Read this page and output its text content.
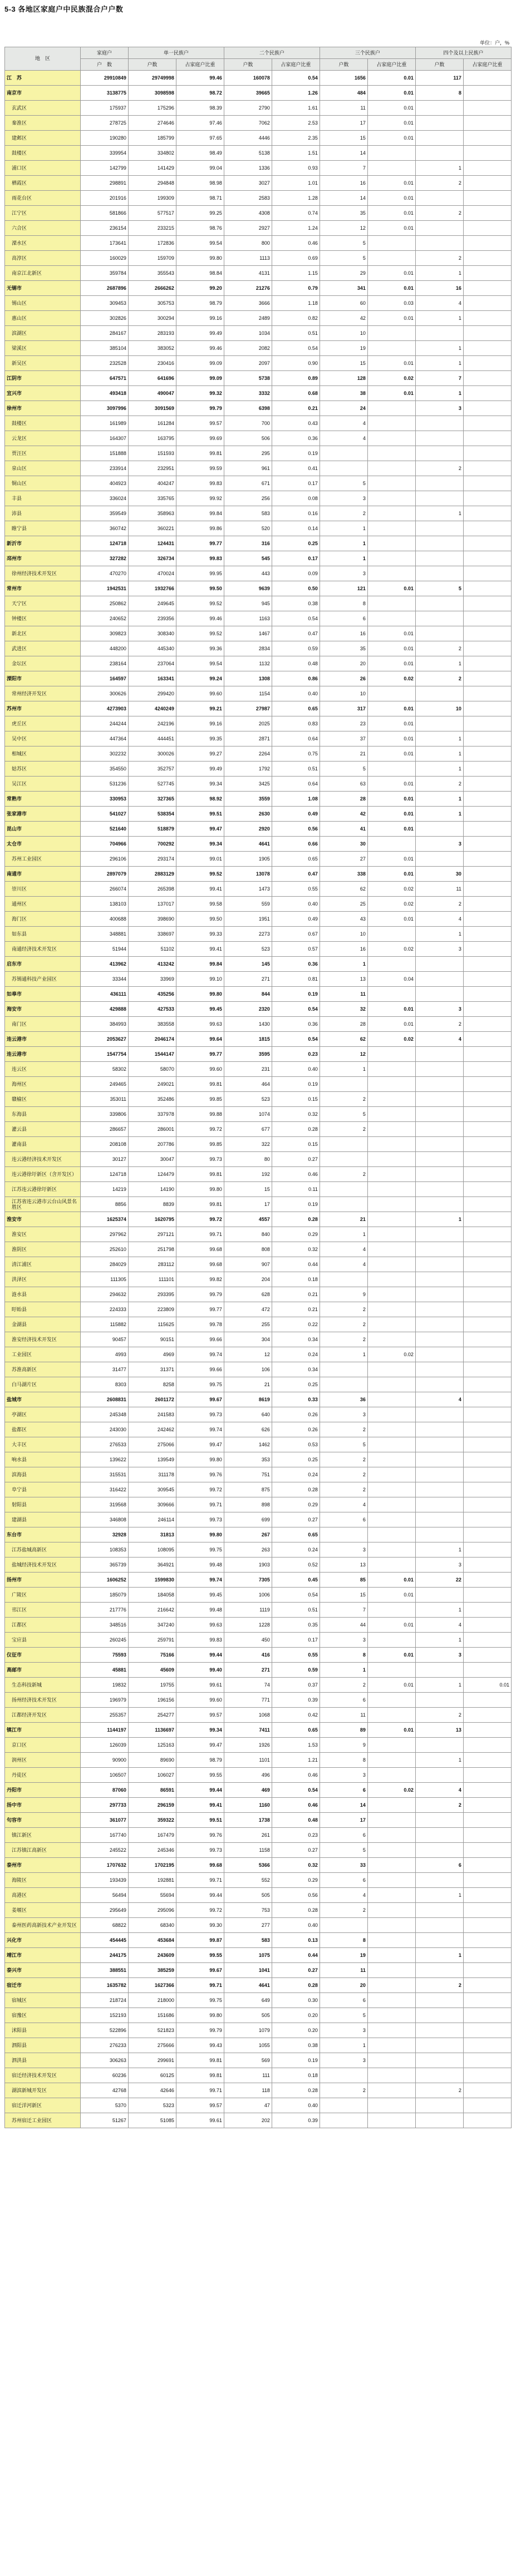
5-3 各地区家庭户中民族混合户户数
单位：户，%
地　区	家庭户	单一民族户		二个民族户		三个民族户		四个及以上民族户	
	户　数	户数	占家庭户比重	户数	占家庭户比重	户数	占家庭户比重	户数	占家庭户比重
江　苏	29910849	29749998	99.46	160078	0.54	1656	0.01	117	
南京市	3138775	3098598	98.72	39665	1.26	484	0.01	8	
玄武区	175937	175296	98.39	2790	1.61	11	0.01		
秦淮区	278725	274646	97.46	7062	2.53	17	0.01		
建邺区	190280	185799	97.65	4446	2.35	15	0.01		
鼓楼区	339954	334802	98.49	5138	1.51	14			
浦口区	142799	141429	99.04	1336	0.93	7		1	
栖霞区	298891	294848	98.98	3027	1.01	16	0.01	2	
雨花台区	201916	199309	98.71	2583	1.28	14	0.01		
江宁区	581866	577517	99.25	4308	0.74	35	0.01	2	
六合区	236154	233215	98.76	2927	1.24	12	0.01		
溧水区	173641	172836	99.54	800	0.46	5			
高淳区	160029	159709	99.80	1113	0.69	5		2	
南京江北新区	359784	355543	98.84	4131	1.15	29	0.01	1	
无锡市	2687896	2666262	99.20	21276	0.79	341	0.01	16	
锡山区	309453	305753	98.79	3666	1.18	60	0.03	4	
惠山区	302826	300294	99.16	2489	0.82	42	0.01	1	
滨湖区	284167	283193	99.49	1034	0.51	10			
梁溪区	385104	383052	99.46	2082	0.54	19		1	
新吴区	232528	230416	99.09	2097	0.90	15	0.01	1	
江阴市	647571	641696	99.09	5738	0.89	128	0.02	7	
宜兴市	493418	490047	99.32	3332	0.68	38	0.01	1	
徐州市	3097996	3091569	99.79	6398	0.21	24		3	
鼓楼区	161989	161284	99.57	700	0.43	4			
云龙区	164307	163795	99.69	506	0.36	4			
贾汪区	151888	151593	99.81	295	0.19				
泉山区	233914	232951	99.59	961	0.41			2	
铜山区	404923	404247	99.83	671	0.17	5			
丰县	336024	335765	99.92	256	0.08	3			
沛县	359549	358963	99.84	583	0.16	2		1	
睢宁县	360742	360221	99.86	520	0.14	1			
新沂市	124718	124431	99.77	316	0.25	1			
邳州市	327282	326734	99.83	545	0.17	1			
徐州经济技术开发区	470270	470024	99.95	443	0.09	3			
常州市	1942531	1932766	99.50	9639	0.50	121	0.01	5	
天宁区	250862	249645	99.52	945	0.38	8			
钟楼区	240652	239356	99.46	1163	0.54	6			
新北区	309823	308340	99.52	1467	0.47	16	0.01		
武进区	448200	445340	99.36	2834	0.59	35	0.01	2	
金坛区	238164	237064	99.54	1132	0.48	20	0.01	1	
溧阳市	164597	163341	99.24	1308	0.86	26	0.02	2	
常州经济开发区	300626	299420	99.60	1154	0.40	10			
苏州市	4273903	4240249	99.21	27987	0.65	317	0.01	10	
虎丘区	244244	242196	99.16	2025	0.83	23	0.01		
吴中区	447364	444451	99.35	2871	0.64	37	0.01	1	
相城区	302232	300026	99.27	2264	0.75	21	0.01	1	
姑苏区	354550	352757	99.49	1792	0.51	5		1	
吴江区	531236	527745	99.34	3425	0.64	63	0.01	2	
常熟市	330953	327365	98.92	3559	1.08	28	0.01	1	
张家港市	541027	538354	99.51	2630	0.49	42	0.01	1	
昆山市	521640	518879	99.47	2920	0.56	41	0.01		
太仓市	704966	700292	99.34	4641	0.66	30		3	
苏州工业园区	296106	293174	99.01	1905	0.65	27	0.01		
南通市	2897079	2883129	99.52	13078	0.47	338	0.01	30	
崇川区	266074	265398	99.41	1473	0.55	62	0.02	11	
通州区	138103	137017	99.58	559	0.40	25	0.02	2	
海门区	400688	398690	99.50	1951	0.49	43	0.01	4	
如东县	348881	338697	99.33	2273	0.67	10		1	
南通经济技术开发区	51944	51102	99.41	523	0.57	16	0.02	3	
启东市	413962	413242	99.84	145	0.36	1			
苏锡通科技产业园区	33344	33969	99.10	271	0.81	13	0.04		
如皋市	436111	435256	99.80	844	0.19	11			
海安市	429888	427533	99.45	2320	0.54	32	0.01	3	
南门区	384993	383558	99.63	1430	0.36	28	0.01	2	
连云港市	2053627	2046174	99.64	1815	0.54	62	0.02	4	
连云港市	1547754	1544147	99.77	3595	0.23	12			
连云区	58302	58070	99.60	231	0.40	1			
海州区	249465	249021	99.81	464	0.19				
赣榆区	353011	352486	99.85	523	0.15	2			
东海县	339806	337978	99.88	1074	0.32	5			
灌云县	286657	286001	99.72	677	0.28	2			
灌南县	208108	207786	99.85	322	0.15				
连云港经济技术开发区	30127	30047	99.73	80	0.27				
连云港徐圩新区（含开发区）	124718	124479	99.81	192	0.46	2			
江苏连云港徐圩新区	14219	14190	99.80	15	0.11				
江苏省连云港市云台山风景名胜区	8856	8839	99.81	17	0.19				
淮安市	1625374	1620795	99.72	4557	0.28	21		1	
淮安区	297962	297121	99.71	840	0.29	1			
淮阴区	252610	251798	99.68	808	0.32	4			
清江浦区	284029	283112	99.68	907	0.44	4			
洪泽区	111305	111101	99.82	204	0.18				
涟水县	294632	293395	99.79	628	0.21	9			
盱眙县	224333	223809	99.77	472	0.21	2			
金湖县	115882	115625	99.78	255	0.22	2			
淮安经济技术开发区	90457	90151	99.66	304	0.34	2			
工业园区	4993	4969	99.74	12	0.24	1	0.02		
苏淮高新区	31477	31371	99.66	106	0.34				
白马湖片区	8303	8258	99.75	21	0.25				
盐城市	2608831	2601172	99.67	8619	0.33	36		4	
亭湖区	245348	241583	99.73	640	0.26	3			
盐都区	243030	242462	99.74	626	0.26	2			
大丰区	276533	275066	99.47	1462	0.53	5			
响水县	139622	139549	99.80	353	0.25	2			
滨海县	315531	311178	99.76	751	0.24	2			
阜宁县	316422	309545	99.72	875	0.28	2			
射阳县	319568	309666	99.71	898	0.29	4			
建湖县	346808	246114	99.73	699	0.27	6			
东台市	32928	31813	99.80	267	0.65				
江苏盐城高新区	108353	108095	99.75	263	0.24	3		1	
盐城经济技术开发区	365739	364921	99.48	1903	0.52	13		3	
扬州市	1606252	1599830	99.74	7305	0.45	85	0.01	22	
广陵区	185079	184058	99.45	1006	0.54	15	0.01		
邗江区	217776	216642	99.48	1119	0.51	7		1	
江都区	348516	347240	99.63	1228	0.35	44	0.01	4	
宝应县	260245	259791	99.83	450	0.17	3		1	
仪征市	75593	75166	99.44	416	0.55	8	0.01	3	
高邮市	45881	45609	99.40	271	0.59	1			
生态科技新城	19832	19755	99.61	74	0.37	2	0.01	1	0.01
扬州经济技术开发区	196979	196156	99.60	771	0.39	6			
江都经济开发区	255357	254277	99.57	1068	0.42	11		2	
镇江市	1144197	1136697	99.34	7411	0.65	89	0.01	13	
京口区	126039	125163	99.47	1926	1.53	9			
润州区	90900	89690	98.79	1101	1.21	8		1	
丹徒区	106507	106027	99.55	496	0.46	3			
丹阳市	87060	86591	99.44	469	0.54	6	0.02	4	
扬中市	297733	296159	99.41	1160	0.46	14		2	
句容市	361077	359322	99.51	1738	0.48	17			
镇江新区	167740	167479	99.76	261	0.23	6			
江苏镇江高新区	245522	245346	99.73	1158	0.27	5			
泰州市	1707632	1702195	99.68	5366	0.32	33		6	
海陵区	193439	192881	99.71	552	0.29	6			
高港区	56494	55694	99.44	505	0.56	4		1	
姜堰区	295649	295096	99.72	753	0.28	2			
泰州医药高新技术产业开发区	68822	68340	99.30	277	0.40				
兴化市	454445	453684	99.87	583	0.13	8			
靖江市	244175	243609	99.55	1075	0.44	19		1	
泰兴市	388551	385259	99.67	1041	0.27	11			
宿迁市	1635782	1627366	99.71	4641	0.28	20		2	
宿城区	218724	218000	99.75	649	0.30	6			
宿豫区	152193	151686	99.80	505	0.20	5			
沭阳县	522896	521823	99.79	1079	0.20	3			
泗阳县	276233	275666	99.43	1055	0.38	1			
泗洪县	306263	299691	99.81	569	0.19	3			
宿迁经济技术开发区	60236	60125	99.81	111	0.18				
湖滨新城开发区	42768	42646	99.71	118	0.28	2		2	
宿迁洋河新区	5370	5323	99.57	47	0.40				
苏州宿迁工业园区	51267	51085	99.61	202	0.39				
